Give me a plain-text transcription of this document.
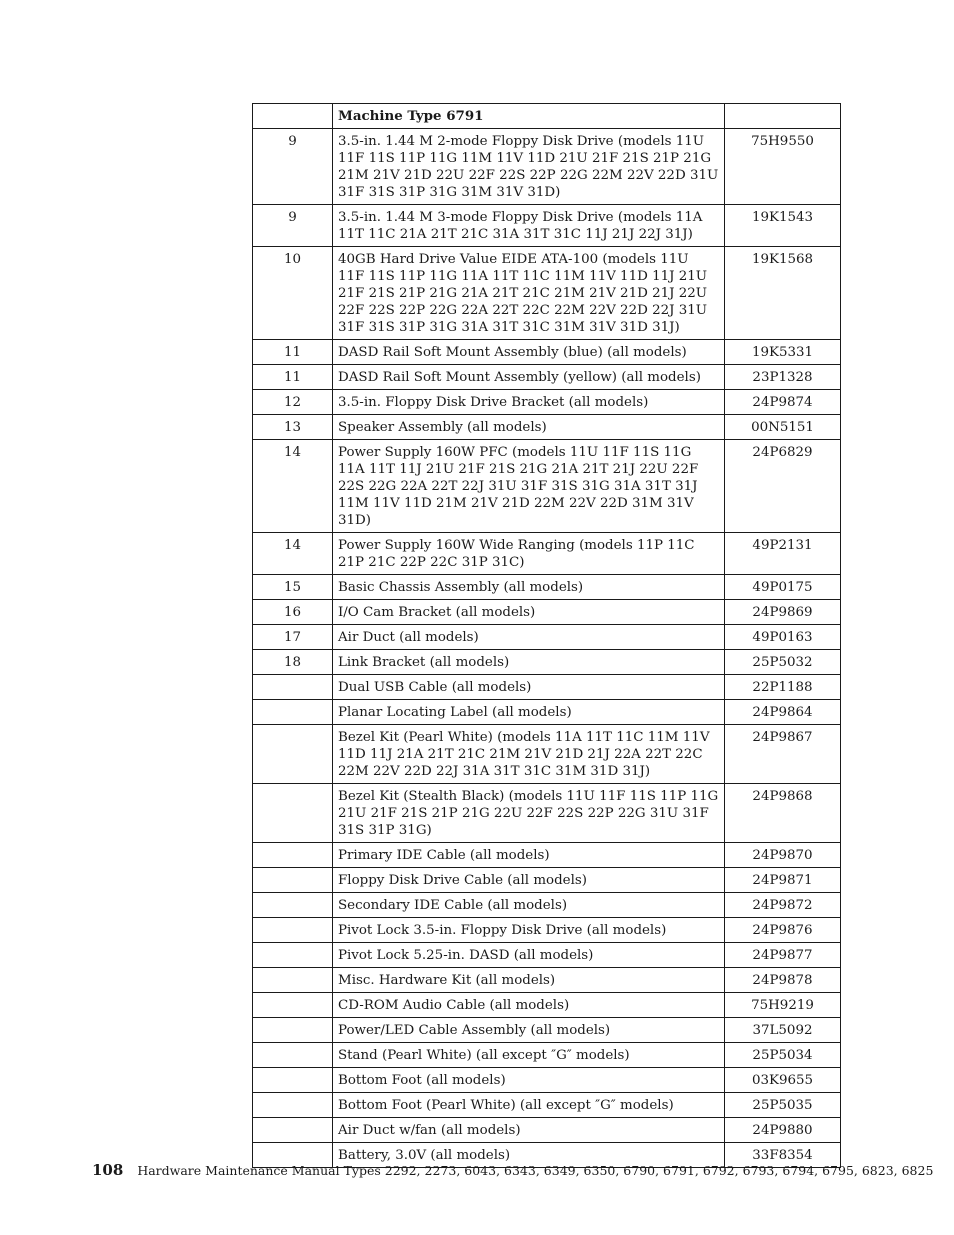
	Machine Type 6791	
9	3.5-in. 1.44 M 2-mode Floppy Disk Drive (models 11U 11F 11S 11P 11G 11M 11V 11D 21U 21F 21S 21P 21G 21M 21V 21D 22U 22F 22S 22P 22G 22M 22V 22D 31U 31F 31S 31P 31G 31M 31V 31D)	75H9550
9	3.5-in. 1.44 M 3-mode Floppy Disk Drive (models 11A 11T 11C 21A 21T 21C 31A 31T 31C 11J 21J 22J 31J)	19K1543
10	40GB Hard Drive Value EIDE ATA-100 (models 11U 11F 11S 11P 11G 11A 11T 11C 11M 11V 11D 11J 21U 21F 21S 21P 21G 21A 21T 21C 21M 21V 21D 21J 22U 22F 22S 22P 22G 22A 22T 22C 22M 22V 22D 22J 31U 31F 31S 31P 31G 31A 31T 31C 31M 31V 31D 31J)	19K1568
11	DASD Rail Soft Mount Assembly (blue) (all models)	19K5331
11	DASD Rail Soft Mount Assembly (yellow) (all models)	23P1328
12	3.5-in. Floppy Disk Drive Bracket (all models)	24P9874
13	Speaker Assembly (all models)	00N5151
14	Power Supply 160W PFC (models 11U 11F 11S 11G 11A 11T 11J 21U 21F 21S 21G 21A 21T 21J 22U 22F 22S 22G 22A 22T 22J 31U 31F 31S 31G 31A 31T 31J 11M 11V 11D 21M 21V 21D 22M 22V 22D 31M 31V 31D)	24P6829
14	Power Supply 160W Wide Ranging (models 11P 11C 21P 21C 22P 22C 31P 31C)	49P2131
15	Basic Chassis Assembly (all models)	49P0175
16	I/O Cam Bracket (all models)	24P9869
17	Air Duct (all models)	49P0163
18	Link Bracket (all models)	25P5032
	Dual USB Cable (all models)	22P1188
	Planar Locating Label (all models)	24P9864
	Bezel Kit (Pearl White) (models 11A 11T 11C 11M 11V 11D 11J 21A 21T 21C 21M 21V 21D 21J 22A 22T 22C 22M 22V 22D 22J 31A 31T 31C 31M 31D 31J)	24P9867
	Bezel Kit (Stealth Black) (models 11U 11F 11S 11P 11G 21U 21F 21S 21P 21G 22U 22F 22S 22P 22G 31U 31F 31S 31P 31G)	24P9868
	Primary IDE Cable (all models)	24P9870
	Floppy Disk Drive Cable (all models)	24P9871
	Secondary IDE Cable (all models)	24P9872
	Pivot Lock 3.5-in. Floppy Disk Drive (all models)	24P9876
	Pivot Lock 5.25-in. DASD (all models)	24P9877
	Misc. Hardware Kit (all models)	24P9878
	CD-ROM Audio Cable (all models)	75H9219
	Power/LED Cable Assembly (all models)	37L5092
	Stand (Pearl White) (all except ″G″ models)	25P5034
	Bottom Foot (all models)	03K9655
	Bottom Foot (Pearl White) (all except ″G″ models)	25P5035
	Air Duct w/fan (all models)	24P9880
	Battery, 3.0V (all models)	33F8354
108 Hardware Maintenance Manual Types 2292, 2273, 6043, 6343, 6349, 6350, 6790, 6791, 6792, 6793, 6794, 6795, 6823, 6825
